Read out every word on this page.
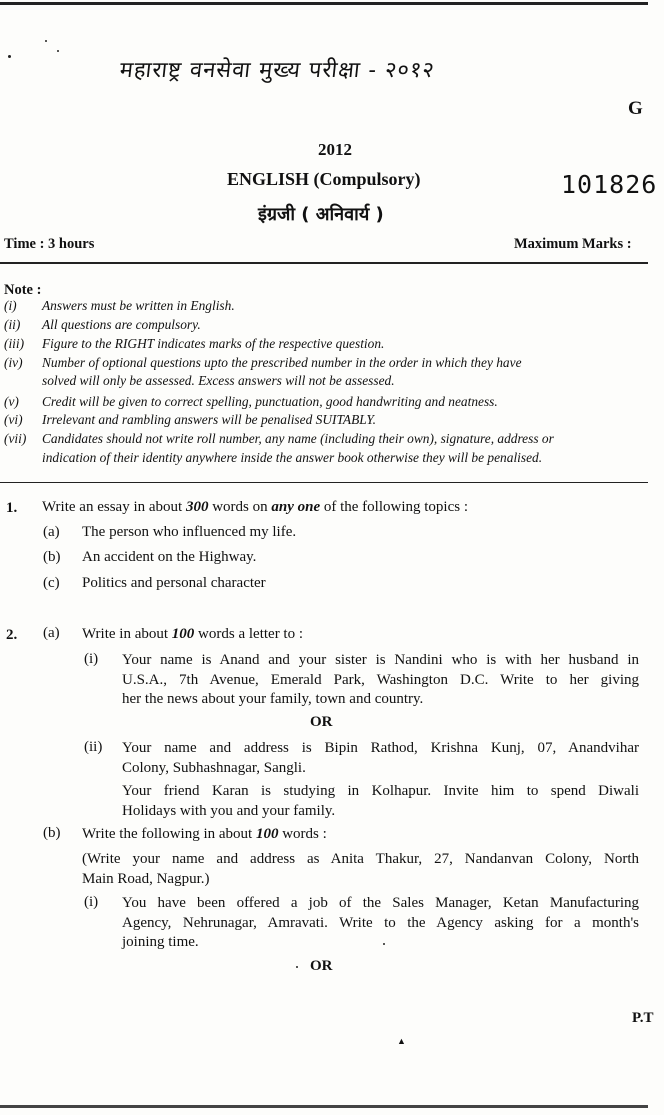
महाराष्ट्र वनसेवा मुख्य परीक्षा - २०१२
G
2012
ENGLISH (Compulsory)
इंग्रजी ( अनिवार्य )
101826
Time : 3 hours	Maximum Marks :
Note :
(i)	Answers must be written in English.
(ii)	All questions are compulsory.
(iii)	Figure to the RIGHT indicates marks of the respective question.
(iv)	Number of optional questions upto the prescribed number in the order in which they have
solved will only be assessed. Excess answers will not be assessed.
(v)	Credit will be given to correct spelling, punctuation, good handwriting and neatness.
(vi)	Irrelevant and rambling answers will be penalised SUITABLY.
(vii)	Candidates should not write roll number, any name (including their own), signature, address or
indication of their identity anywhere inside the answer book otherwise they will be penalised.
1. Write an essay in about 300 words on any one of the following topics :
(a) The person who influenced my life.
(b) An accident on the Highway.
(c) Politics and personal character
2. (a) Write in about 100 words a letter to :
(i) Your name is Anand and your sister is Nandini who is with her husband in
U.S.A., 7th Avenue, Emerald Park, Washington D.C. Write to her giving
her the news about your family, town and country.
OR
(ii) Your name and address is Bipin Rathod, Krishna Kunj, 07, Anandvihar
Colony, Subhashnagar, Sangli.
Your friend Karan is studying in Kolhapur. Invite him to spend Diwali
Holidays with you and your family.
(b) Write the following in about 100 words :
(Write your name and address as Anita Thakur, 27, Nandanvan Colony, North
Main Road, Nagpur.)
(i) You have been offered a job of the Sales Manager, Ketan Manufacturing
Agency, Nehrunagar, Amravati. Write to the Agency asking for a month's
joining time.
OR
P.T
▲
